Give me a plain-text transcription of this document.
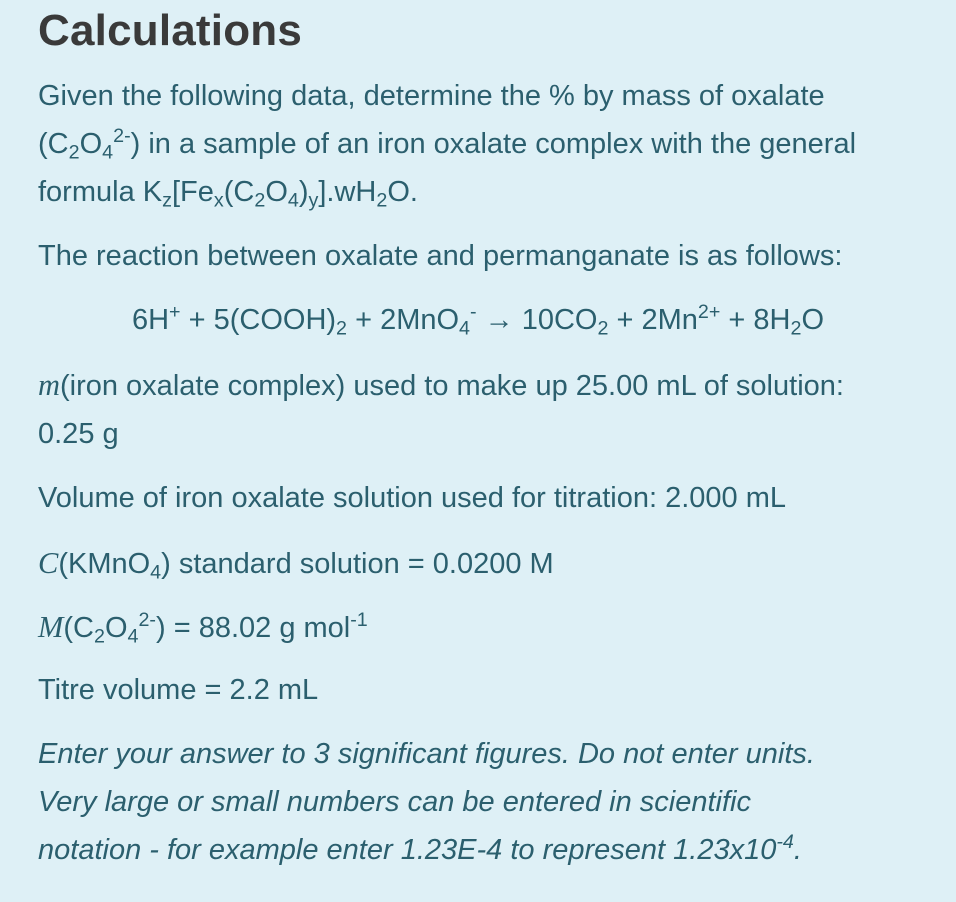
Calculations
Given the following data, determine the % by mass of oxalate
$(C_2O_4^{2-})$ in a sample of an iron oxalate complex with the general
formula $K_z[Fe_x(C_2O_4)_y].wH_2O$.
The reaction between oxalate and permanganate is as follows:
$6H^+ + 5(COOH)_2 + 2MnO_4^- \to 10CO_2 + 2Mn^{2+} + 8H_2O$
m(iron oxalate complex) used to make up 25.00 mL of solution:
0.25 g
Volume of iron oxalate solution used for titration: 2.000 mL
C(KMnO$_4$) standard solution = 0.0200 M
$M(C_2O_4^{2-}) = 88.02$ g mol$^{-1}$
Titre volume = 2.2 mL
Enter your answer to 3 significant figures. Do not enter units.
Very large or small numbers can be entered in scientific
notation - for example enter 1.23E-4 to represent $1.23x10^{-4}$.
